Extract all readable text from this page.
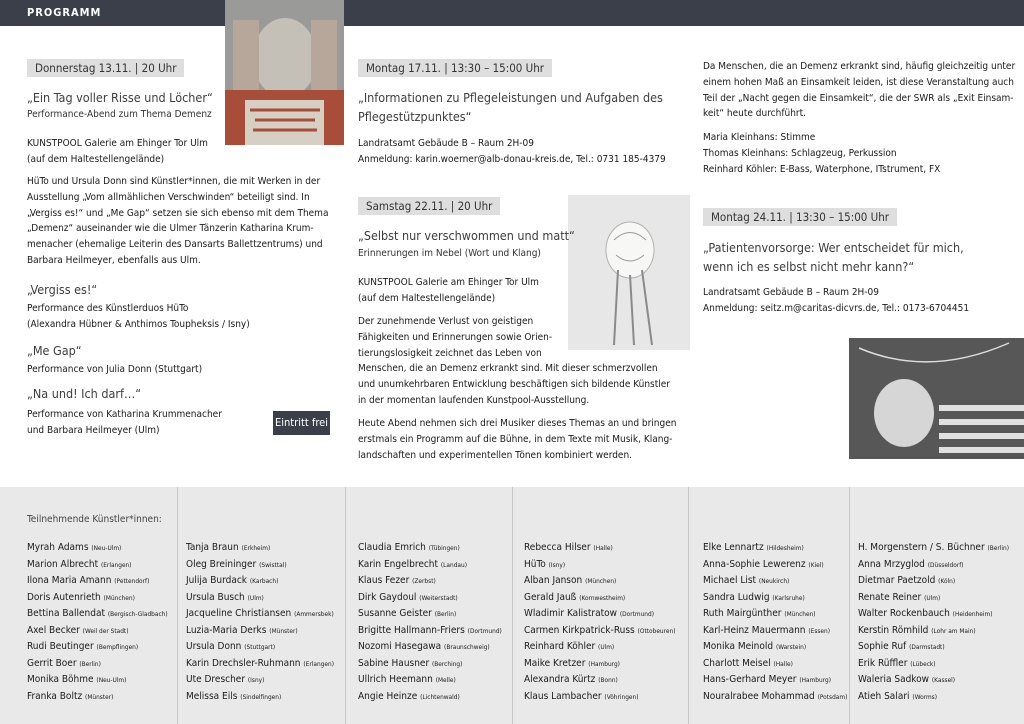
PROGRAMM
Donnerstag 13.11. | 20 Uhr
„Ein Tag voller Risse und Löcher“
Performance-Abend zum Thema Demenz
KUNSTPOOL Galerie am Ehinger Tor Ulm
(auf dem Haltestellengelände)
HüTo und Ursula Donn sind Künstler*innen, die mit Werken in der
Ausstellung „Vom allmählichen Verschwinden“ beteiligt sind. In
„Vergiss es!“ und „Me Gap“ setzen sie sich ebenso mit dem Thema
„Demenz“ auseinander wie die Ulmer Tänzerin Katharina Krum-
menacher (ehemalige Leiterin des Dansarts Ballettzentrums) und
Barbara Heilmeyer, ebenfalls aus Ulm.
„Vergiss es!“
Performance des Künstlerduos HüTo
(Alexandra Hübner & Anthimos Toupheksis / Isny)
„Me Gap“
Performance von Julia Donn (Stuttgart)
„Na und! Ich darf…“
Performance von Katharina Krummenacher
und Barbara Heilmeyer (Ulm)
Eintritt frei
Montag 17.11. | 13:30 – 15:00 Uhr
„Informationen zu Pflegeleistungen und Aufgaben des
Pflegestützpunktes“
Landratsamt Gebäude B – Raum 2H-09
Anmeldung: karin.woerner@alb-donau-kreis.de, Tel.: 0731 185-4379
Samstag 22.11. | 20 Uhr
„Selbst nur verschwommen und matt“
Erinnerungen im Nebel (Wort und Klang)
KUNSTPOOL Galerie am Ehinger Tor Ulm
(auf dem Haltestellengelände)
Der zunehmende Verlust von geistigen
Fähigkeiten und Erinnerungen sowie Orien-
tierungslosigkeit zeichnet das Leben von
Menschen, die an Demenz erkrankt sind. Mit dieser schmerzvollen
und unumkehrbaren Entwicklung beschäftigen sich bildende Künstler
in der momentan laufenden Kunstpool-Ausstellung.
Heute Abend nehmen sich drei Musiker dieses Themas an und bringen
erstmals ein Programm auf die Bühne, in dem Texte mit Musik, Klang-
landschaften und experimentellen Tönen kombiniert werden.
Da Menschen, die an Demenz erkrankt sind, häufig gleichzeitig unter
einem hohen Maß an Einsamkeit leiden, ist diese Veranstaltung auch
Teil der „Nacht gegen die Einsamkeit“, die der SWR als „Exit Einsam-
keit“ heute durchführt.
Maria Kleinhans: Stimme
Thomas Kleinhans: Schlagzeug, Perkussion
Reinhard Köhler: E-Bass, Waterphone, ITstrument, FX
Montag 24.11. | 13:30 – 15:00 Uhr
„Patientenvorsorge: Wer entscheidet für mich,
wenn ich es selbst nicht mehr kann?“
Landratsamt Gebäude B – Raum 2H-09
Anmeldung: seitz.m@caritas-dicvrs.de, Tel.: 0173-6704451
Teilnehmende Künstler*innen:
Myrah Adams (Neu-Ulm)
Marion Albrecht (Erlangen)
Ilona Maria Amann (Pettendorf)
Doris Autenrieth (München)
Bettina Ballendat (Bergisch-Gladbach)
Axel Becker (Weil der Stadt)
Rudi Beutinger (Bempflingen)
Gerrit Boer (Berlin)
Monika Böhme (Neu-Ulm)
Franka Boltz (Münster)
Tanja Braun (Erkheim)
Oleg Breininger (Swisttal)
Julija Burdack (Karbach)
Ursula Busch (Ulm)
Jacqueline Christiansen (Ammersbek)
Luzia-Maria Derks (Münster)
Ursula Donn (Stuttgart)
Karin Drechsler-Ruhmann (Erlangen)
Ute Drescher (Isny)
Melissa Eils (Sindelfingen)
Claudia Emrich (Tübingen)
Karin Engelbrecht (Landau)
Klaus Fezer (Zerbst)
Dirk Gaydoul (Weiterstadt)
Susanne Geister (Berlin)
Brigitte Hallmann-Friers (Dortmund)
Nozomi Hasegawa (Braunschweig)
Sabine Hausner (Berching)
Ullrich Heemann (Melle)
Angie Heinze (Lichtenwald)
Rebecca Hilser (Halle)
HüTo (Isny)
Alban Janson (München)
Gerald Jauß (Kornwestheim)
Wladimir Kalistratow (Dortmund)
Carmen Kirkpatrick-Russ (Ottobeuren)
Reinhard Köhler (Ulm)
Maike Kretzer (Hamburg)
Alexandra Kürtz (Bonn)
Klaus Lambacher (Vöhringen)
Elke Lennartz (Hildesheim)
Anna-Sophie Lewerenz (Kiel)
Michael List (Neukirch)
Sandra Ludwig (Karlsruhe)
Ruth Mairgünther (München)
Karl-Heinz Mauermann (Essen)
Monika Meinold (Warstein)
Charlott Meisel (Halle)
Hans-Gerhard Meyer (Hamburg)
Nouralrabee Mohammad (Potsdam)
H. Morgenstern / S. Büchner (Berlin)
Anna Mrzyglod (Düsseldorf)
Dietmar Paetzold (Köln)
Renate Reiner (Ulm)
Walter Rockenbauch (Heidenheim)
Kerstin Römhild (Lohr am Main)
Sophie Ruf (Darmstadt)
Erik Rüffler (Lübeck)
Waleria Sadkow (Kassel)
Atieh Salari (Worms)
